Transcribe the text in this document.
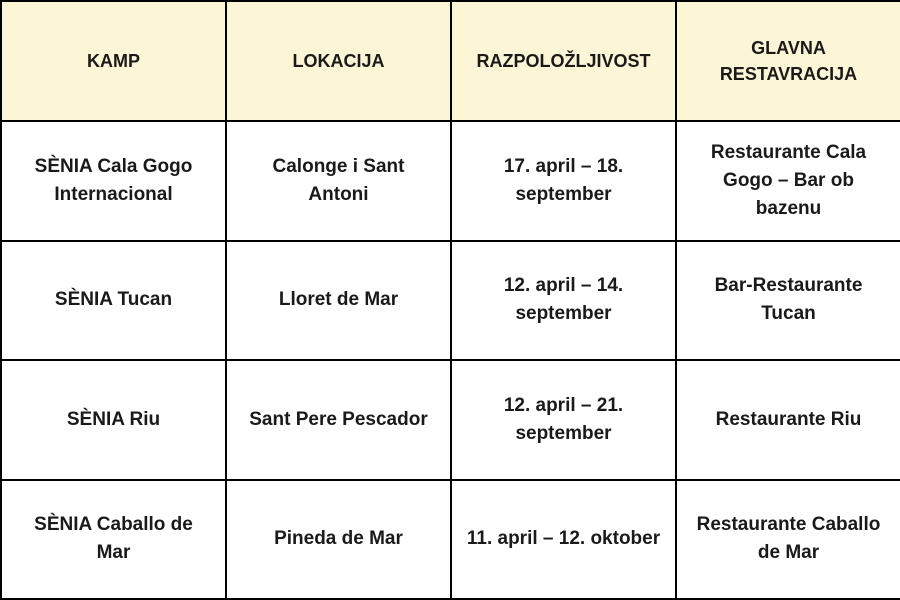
KAMP	LOKACIJA	RAZPOLOŽLJIVOST	GLAVNA RESTAVRACIJA
SÈNIA Cala Gogo Internacional	Calonge i Sant Antoni	17. april – 18. september	Restaurante Cala Gogo – Bar ob bazenu
SÈNIA Tucan	Lloret de Mar	12. april – 14. september	Bar-Restaurante Tucan
SÈNIA Riu	Sant Pere Pescador	12. april – 21. september	Restaurante Riu
SÈNIA Caballo de Mar	Pineda de Mar	11. april – 12. oktober	Restaurante Caballo de Mar
